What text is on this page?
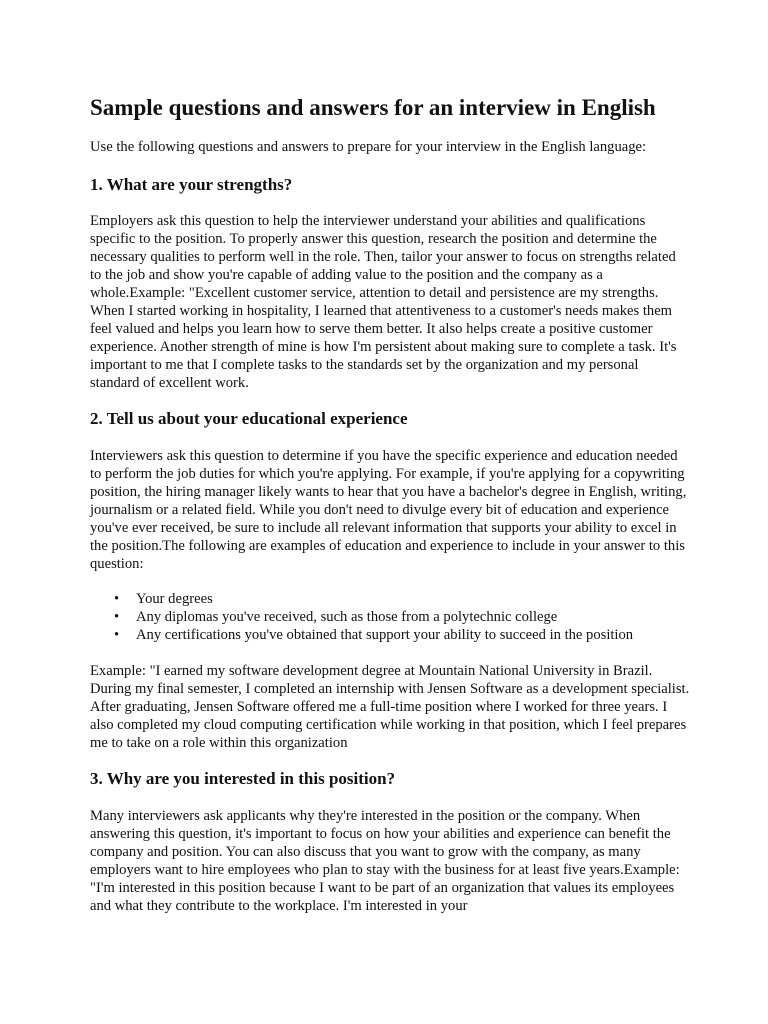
Sample questions and answers for an interview in English

Use the following questions and answers to prepare for your interview in the English language:

1. What are your strengths?

Employers ask this question to help the interviewer understand your abilities and qualifications specific to the position. To properly answer this question, research the position and determine the necessary qualities to perform well in the role. Then, tailor your answer to focus on strengths related to the job and show you're capable of adding value to the position and the company as a whole.Example: "Excellent customer service, attention to detail and persistence are my strengths. When I started working in hospitality, I learned that attentiveness to a customer's needs makes them feel valued and helps you learn how to serve them better. It also helps create a positive customer experience. Another strength of mine is how I'm persistent about making sure to complete a task. It's important to me that I complete tasks to the standards set by the organization and my personal standard of excellent work.

2. Tell us about your educational experience

Interviewers ask this question to determine if you have the specific experience and education needed to perform the job duties for which you're applying. For example, if you're applying for a copywriting position, the hiring manager likely wants to hear that you have a bachelor's degree in English, writing, journalism or a related field. While you don't need to divulge every bit of education and experience you've ever received, be sure to include all relevant information that supports your ability to excel in the position.The following are examples of education and experience to include in your answer to this question:

• Your degrees
• Any diplomas you've received, such as those from a polytechnic college
• Any certifications you've obtained that support your ability to succeed in the position

Example: "I earned my software development degree at Mountain National University in Brazil. During my final semester, I completed an internship with Jensen Software as a development specialist. After graduating, Jensen Software offered me a full-time position where I worked for three years. I also completed my cloud computing certification while working in that position, which I feel prepares me to take on a role within this organization

3. Why are you interested in this position?

Many interviewers ask applicants why they're interested in the position or the company. When answering this question, it's important to focus on how your abilities and experience can benefit the company and position. You can also discuss that you want to grow with the company, as many employers want to hire employees who plan to stay with the business for at least five years.Example: "I'm interested in this position because I want to be part of an organization that values its employees and what they contribute to the workplace. I'm interested in your
